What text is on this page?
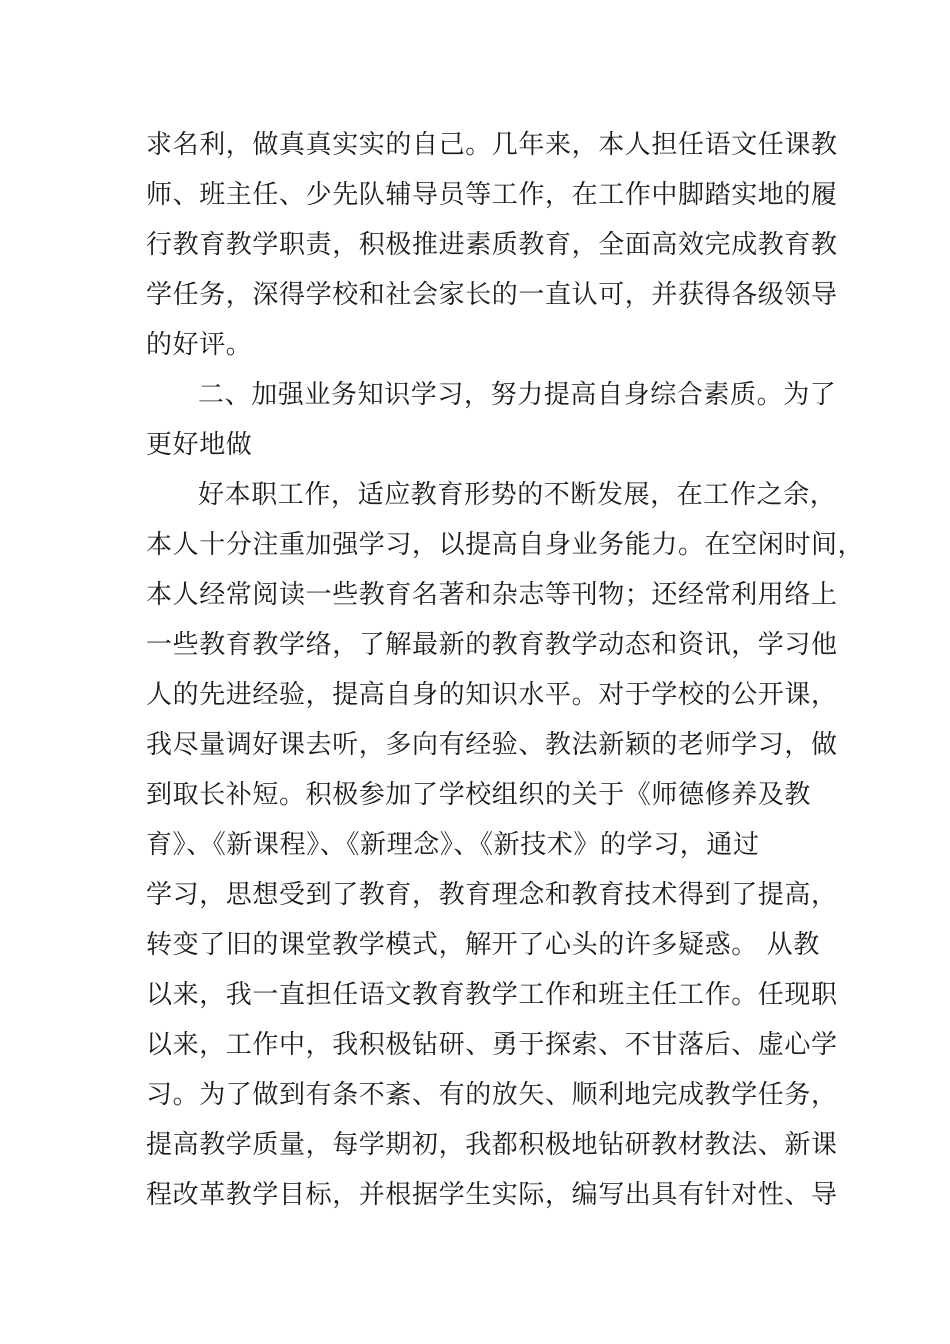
求名利，做真真实实的自己。几年来，本人担任语文任课教
师、班主任、少先队辅导员等工作，在工作中脚踏实地的履
行教育教学职责，积极推进素质教育，全面高效完成教育教
学任务，深得学校和社会家长的一直认可，并获得各级领导
的好评。
二、加强业务知识学习，努力提高自身综合素质。为了
更好地做
好本职工作，适应教育形势的不断发展，在工作之余，
本人十分注重加强学习，以提高自身业务能力。在空闲时间，
本人经常阅读一些教育名著和杂志等刊物；还经常利用络上
一些教育教学络，了解最新的教育教学动态和资讯，学习他
人的先进经验，提高自身的知识水平。对于学校的公开课，
我尽量调好课去听，多向有经验、教法新颖的老师学习，做
到取长补短。积极参加了学校组织的关于《师德修养及教
育》、《新课程》、《新理念》、《新技术》的学习，通过
学习，思想受到了教育，教育理念和教育技术得到了提高，
转变了旧的课堂教学模式，解开了心头的许多疑惑。 从教
以来，我一直担任语文教育教学工作和班主任工作。任现职
以来，工作中，我积极钻研、勇于探索、不甘落后、虚心学
习。为了做到有条不紊、有的放矢、顺利地完成教学任务，
提高教学质量，每学期初，我都积极地钻研教材教法、新课
程改革教学目标，并根据学生实际，编写出具有针对性、导
